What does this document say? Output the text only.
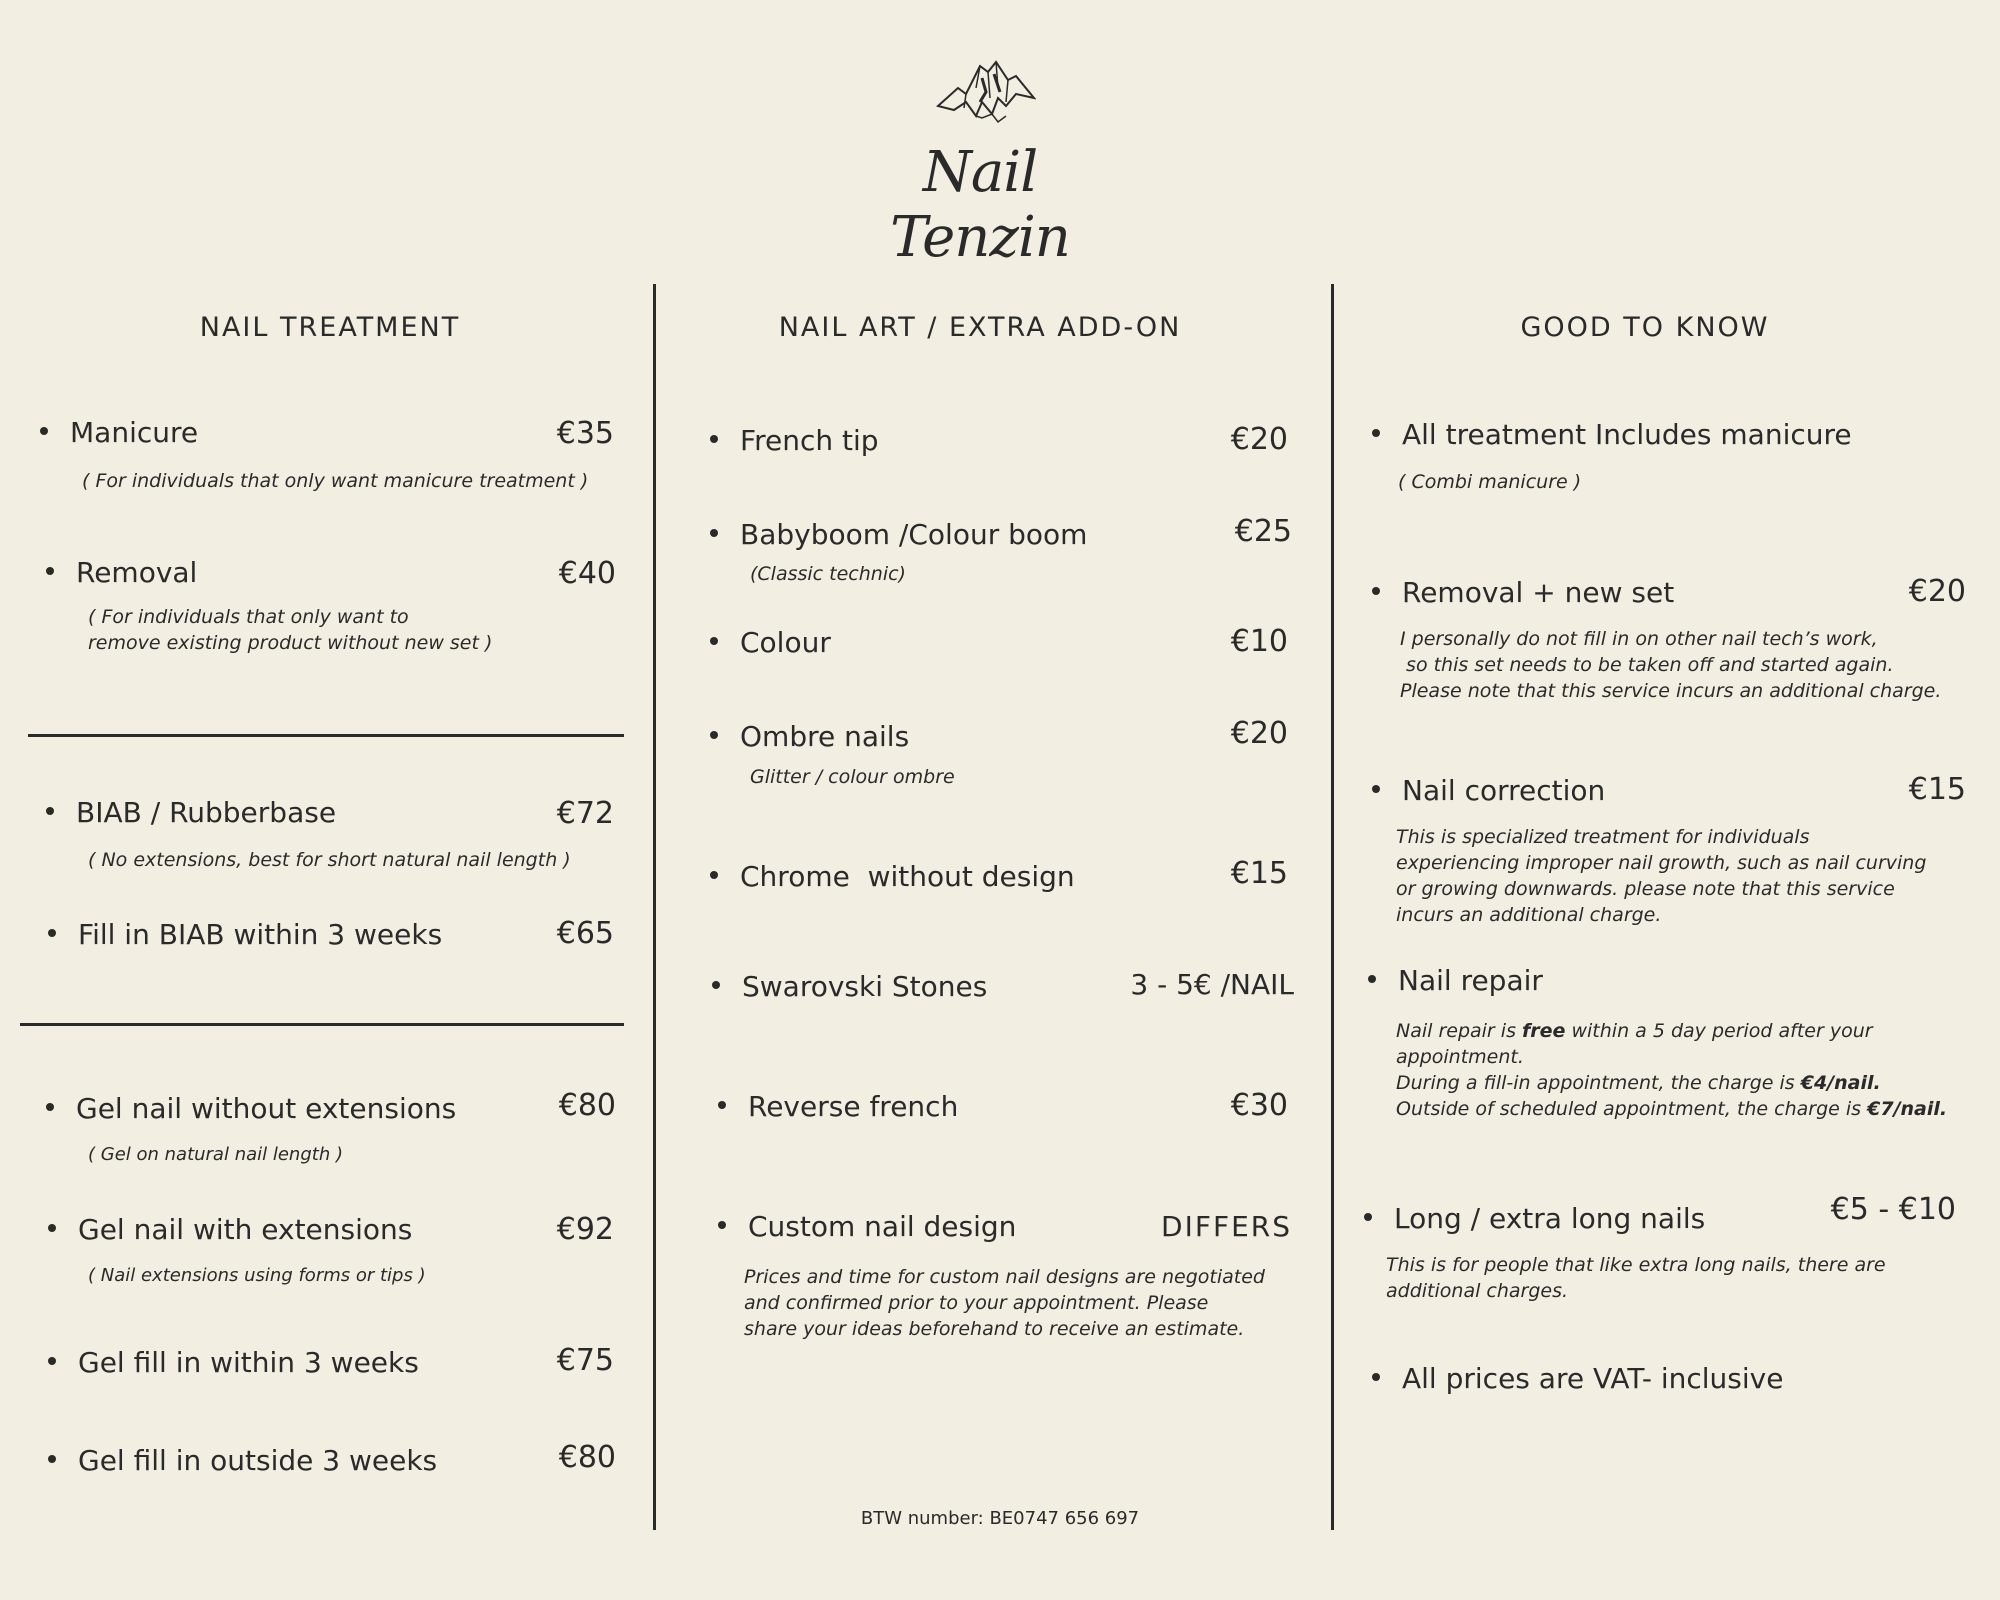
Nail Tenzin
NAIL TREATMENT	NAIL ART / EXTRA ADD-ON	GOOD TO KNOW
Manicure	€35
( For individuals that only want manicure treatment )
Removal	€40
( For individuals that only want to
remove existing product without new set )
BIAB / Rubberbase	€72
( No extensions, best for short natural nail length )
Fill in BIAB within 3 weeks	€65
Gel nail without extensions	€80
( Gel on natural nail length )
Gel nail with extensions	€92
( Nail extensions using forms or tips )
Gel fill in within 3 weeks	€75
Gel fill in outside 3 weeks	€80
French tip	€20
Babyboom /Colour boom	€25
(Classic technic)
Colour	€10
Ombre nails	€20
Glitter / colour ombre
Chrome  without design	€15
Swarovski Stones	3 - 5€ /NAIL
Reverse french	€30
Custom nail design	DIFFERS
Prices and time for custom nail designs are negotiated
and confirmed prior to your appointment. Please
share your ideas beforehand to receive an estimate.
All treatment Includes manicure
( Combi manicure )
Removal + new set	€20
I personally do not fill in on other nail tech’s work,
so this set needs to be taken off and started again.
Please note that this service incurs an additional charge.
Nail correction	€15
This is specialized treatment for individuals
experiencing improper nail growth, such as nail curving
or growing downwards. please note that this service
incurs an additional charge.
Nail repair
Nail repair is free within a 5 day period after your
appointment.
During a fill-in appointment, the charge is €4/nail.
Outside of scheduled appointment, the charge is €7/nail.
Long / extra long nails	€5 - €10
This is for people that like extra long nails, there are
additional charges.
All prices are VAT- inclusive
BTW number: BE0747 656 697
